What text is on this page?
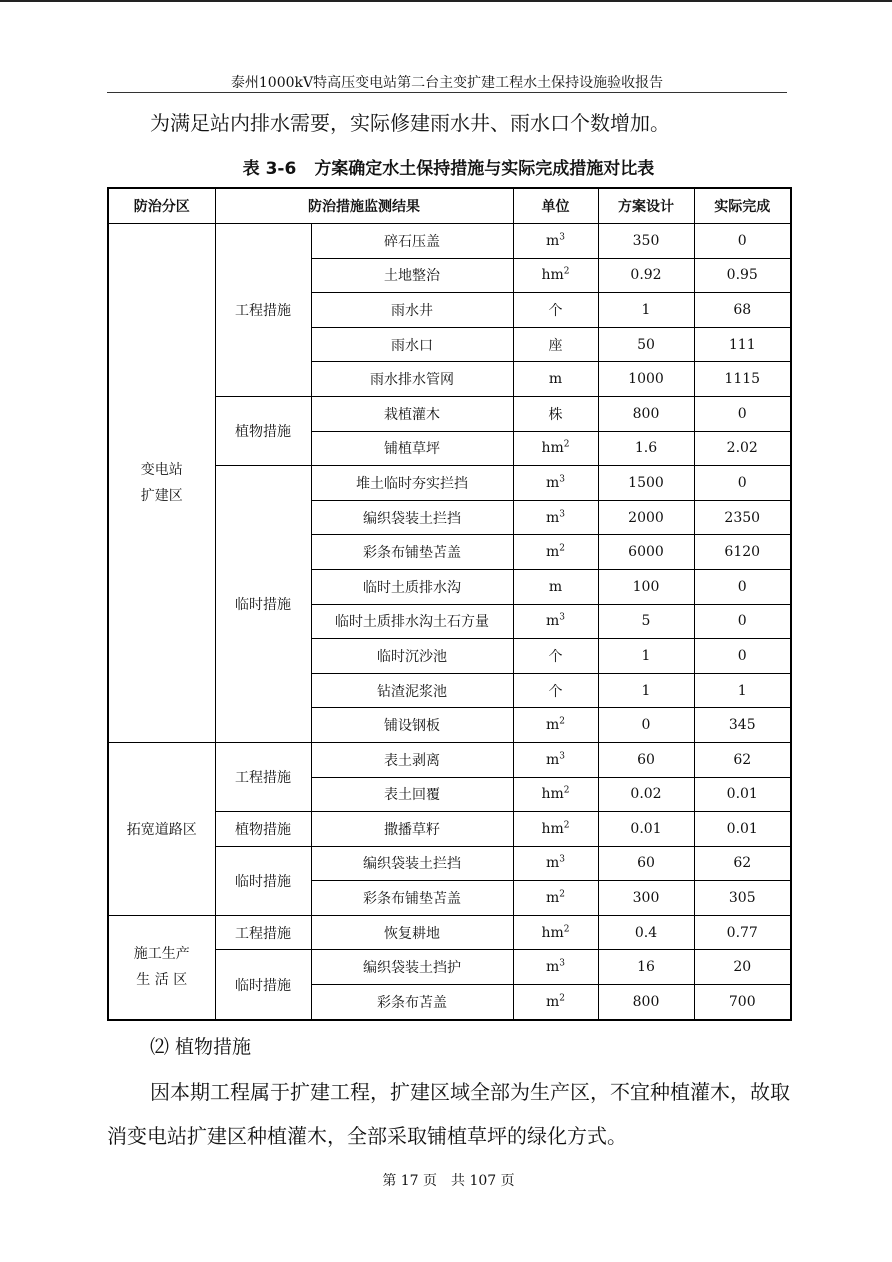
泰州1000kV特高压变电站第二台主变扩建工程水土保持设施验收报告
为满足站内排水需要，实际修建雨水井、雨水口个数增加。
表 3-6 方案确定水土保持措施与实际完成措施对比表
防治分区	防治措施监测结果		单位	方案设计	实际完成
变电站
扩建区	工程措施	碎石压盖	$m^3$	350	0
		土地整治	$hm^2$	0.92	0.95
		雨水井	个	1	68
		雨水口	座	50	111
		雨水排水管网	m	1000	1115
	植物措施	栽植灌木	株	800	0
		铺植草坪	$hm^2$	1.6	2.02
	临时措施	堆土临时夯实拦挡	$m^3$	1500	0
		编织袋装土拦挡	$m^3$	2000	2350
		彩条布铺垫苫盖	$m^2$	6000	6120
		临时土质排水沟	m	100	0
		临时土质排水沟土石方量	$m^3$	5	0
		临时沉沙池	个	1	0
		钻渣泥浆池	个	1	1
		铺设钢板	$m^2$	0	345
拓宽道路区	工程措施	表土剥离	$m^3$	60	62
		表土回覆	$hm^2$	0.02	0.01
	植物措施	撒播草籽	$hm^2$	0.01	0.01
	临时措施	编织袋装土拦挡	$m^3$	60	62
		彩条布铺垫苫盖	$m^2$	300	305
施工生产
生 活 区	工程措施	恢复耕地	$hm^2$	0.4	0.77
	临时措施	编织袋装土挡护	$m^3$	16	20
		彩条布苫盖	$m^2$	800	700
⑵ 植物措施
因本期工程属于扩建工程，扩建区域全部为生产区，不宜种植灌木，故取消变电站扩建区种植灌木，全部采取铺植草坪的绿化方式。
第 17 页　共 107 页
